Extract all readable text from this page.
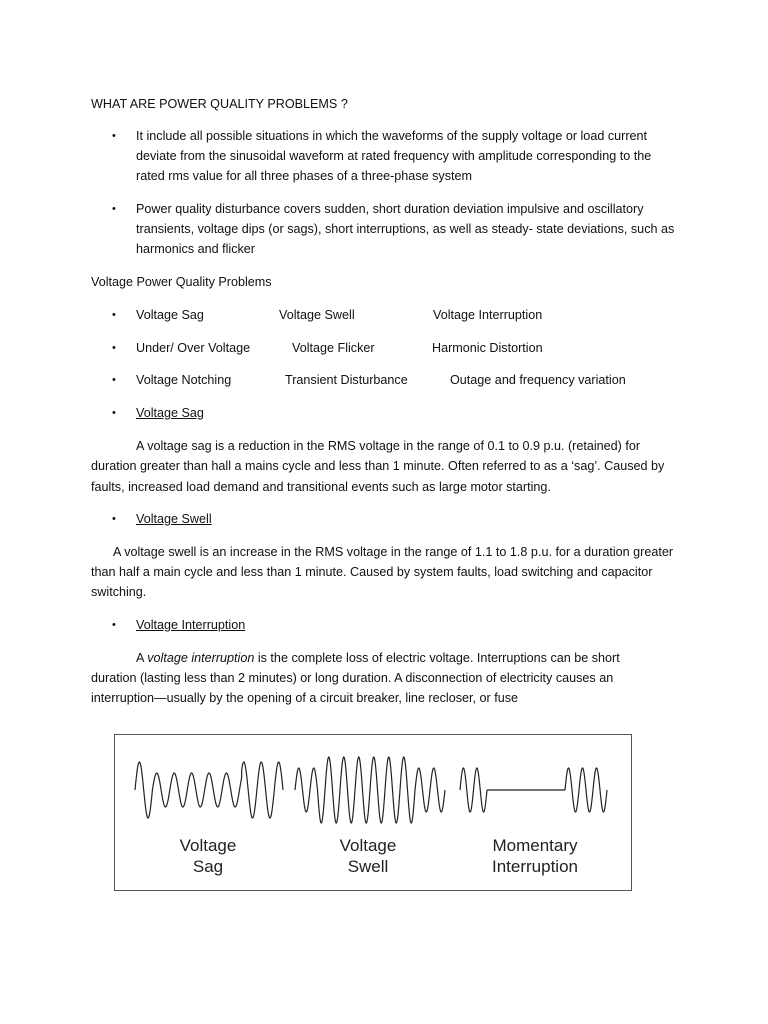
WHAT ARE POWER QUALITY PROBLEMS ?
• It include all possible situations in which the waveforms of the supply voltage or load current
deviate from the sinusoidal waveform at rated frequency with amplitude corresponding to the
rated rms value for all three phases of a three-phase system
• Power quality disturbance covers sudden, short duration deviation impulsive and oscillatory
transients, voltage dips (or sags), short interruptions, as well as steady- state deviations, such as
harmonics and flicker
Voltage Power Quality Problems
• Voltage Sag	Voltage Swell	Voltage Interruption
• Under/ Over Voltage	Voltage Flicker	Harmonic Distortion
• Voltage Notching	Transient Disturbance	Outage and frequency variation
• Voltage Sag
A voltage sag is a reduction in the RMS voltage in the range of 0.1 to 0.9 p.u. (retained) for
duration greater than hall a mains cycle and less than 1 minute. Often referred to as a ‘sag’. Caused by
faults, increased load demand and transitional events such as large motor starting.
• Voltage Swell
A voltage swell is an increase in the RMS voltage in the range of 1.1 to 1.8 p.u. for a duration greater
than half a main cycle and less than 1 minute. Caused by system faults, load switching and capacitor
switching.
• Voltage Interruption
A voltage interruption is the complete loss of electric voltage. Interruptions can be short
duration (lasting less than 2 minutes) or long duration. A disconnection of electricity causes an
interruption—usually by the opening of a circuit breaker, line recloser, or fuse
Voltage
Sag
Voltage
Swell
Momentary
Interruption
